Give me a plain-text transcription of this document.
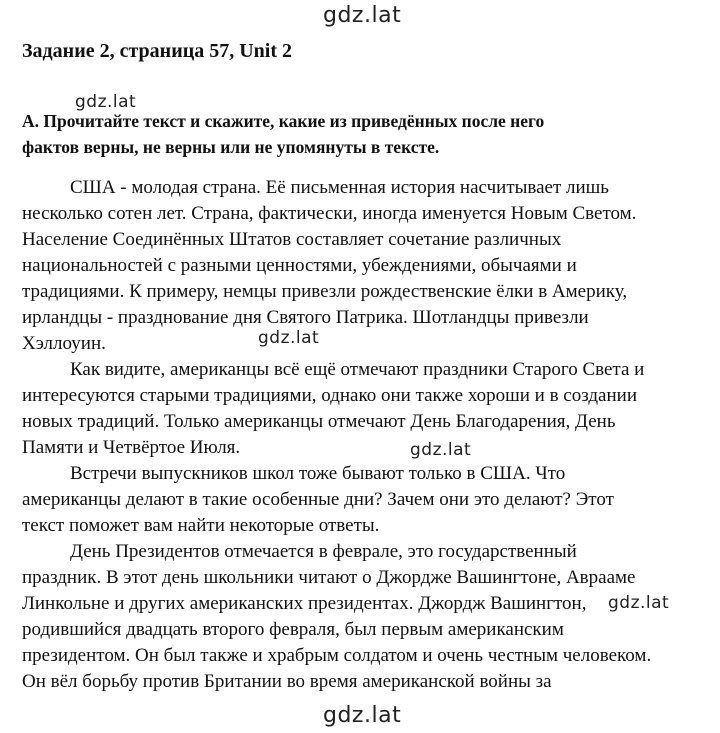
gdz.lat
gdz.lat
gdz.lat
gdz.lat
gdz.lat
gdz.lat
Задание 2, страница 57, Unit 2
A. Прочитайте текст и скажите, какие из приведённых после него
фактов верны, не верны или не упомянуты в тексте.
США - молодая страна. Её письменная история насчитывает лишь
несколько сотен лет. Страна, фактически, иногда именуется Новым Светом.
Население Соединённых Штатов составляет сочетание различных
национальностей с разными ценностями, убеждениями, обычаями и
традициями. К примеру, немцы привезли рождественские ёлки в Америку,
ирландцы - празднование дня Святого Патрика. Шотландцы привезли
Хэллоуин.
Как видите, американцы всё ещё отмечают праздники Старого Света и
интересуются старыми традициями, однако они также хороши и в создании
новых традиций. Только американцы отмечают День Благодарения, День
Памяти и Четвёртое Июля.
Встречи выпускников школ тоже бывают только в США. Что
американцы делают в такие особенные дни? Зачем они это делают? Этот
текст поможет вам найти некоторые ответы.
День Президентов отмечается в феврале, это государственный
праздник. В этот день школьники читают о Джордже Вашингтоне, Аврааме
Линкольне и других американских президентах. Джордж Вашингтон,
родившийся двадцать второго февраля, был первым американским
президентом. Он был также и храбрым солдатом и очень честным человеком.
Он вёл борьбу против Британии во время американской войны за
